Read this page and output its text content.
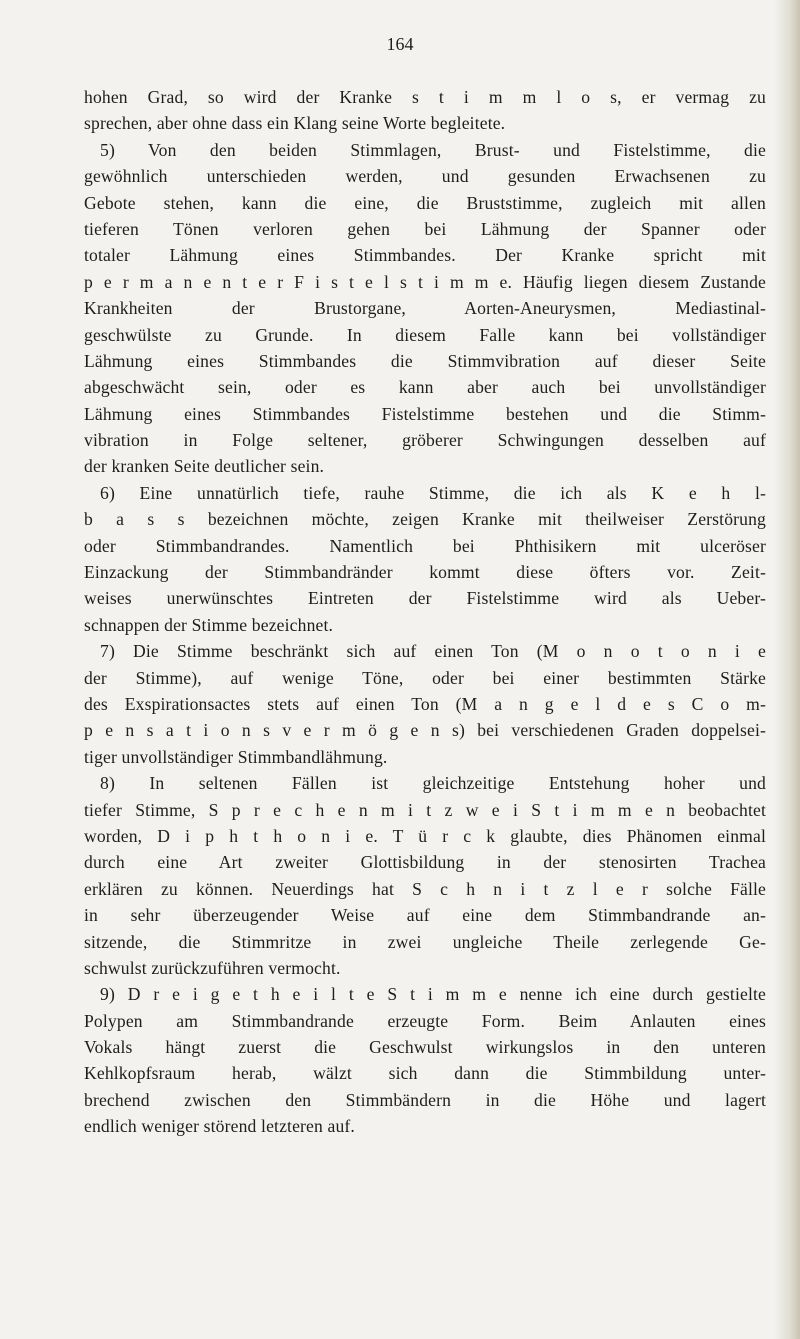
164
hohen Grad, so wird der Kranke s t i m m l o s, er vermag zu
sprechen, aber ohne dass ein Klang seine Worte begleitete.
5) Von den beiden Stimmlagen, Brust- und Fistelstimme, die
gewöhnlich unterschieden werden, und gesunden Erwachsenen zu
Gebote stehen, kann die eine, die Bruststimme, zugleich mit allen
tieferen Tönen verloren gehen bei Lähmung der Spanner oder
totaler Lähmung eines Stimmbandes. Der Kranke spricht mit
p e r m a n e n t e r F i s t e l s t i m m e. Häufig liegen diesem Zustande
Krankheiten der Brustorgane, Aorten-Aneurysmen, Mediastinal-
geschwülste zu Grunde. In diesem Falle kann bei vollständiger
Lähmung eines Stimmbandes die Stimmvibration auf dieser Seite
abgeschwächt sein, oder es kann aber auch bei unvollständiger
Lähmung eines Stimmbandes Fistelstimme bestehen und die Stimm-
vibration in Folge seltener, gröberer Schwingungen desselben auf
der kranken Seite deutlicher sein.
6) Eine unnatürlich tiefe, rauhe Stimme, die ich als K e h l-
b a s s bezeichnen möchte, zeigen Kranke mit theilweiser Zerstörung
oder Stimmbandrandes. Namentlich bei Phthisikern mit ulceröser
Einzackung der Stimmbandränder kommt diese öfters vor. Zeit-
weises unerwünschtes Eintreten der Fistelstimme wird als Ueber-
schnappen der Stimme bezeichnet.
7) Die Stimme beschränkt sich auf einen Ton (M o n o t o n i e
der Stimme), auf wenige Töne, oder bei einer bestimmten Stärke
des Exspirationsactes stets auf einen Ton (M a n g e l d e s C o m-
p e n s a t i o n s v e r m ö g e n s) bei verschiedenen Graden doppelsei-
tiger unvollständiger Stimmbandlähmung.
8) In seltenen Fällen ist gleichzeitige Entstehung hoher und
tiefer Stimme, S p r e c h e n m i t z w e i S t i m m e n beobachtet
worden, D i p h t h o n i e. T ü r c k glaubte, dies Phänomen einmal
durch eine Art zweiter Glottisbildung in der stenosirten Trachea
erklären zu können. Neuerdings hat S c h n i t z l e r solche Fälle
in sehr überzeugender Weise auf eine dem Stimmbandrande an-
sitzende, die Stimmritze in zwei ungleiche Theile zerlegende Ge-
schwulst zurückzuführen vermocht.
9) D r e i g e t h e i l t e S t i m m e nenne ich eine durch gestielte
Polypen am Stimmbandrande erzeugte Form. Beim Anlauten eines
Vokals hängt zuerst die Geschwulst wirkungslos in den unteren
Kehlkopfsraum herab, wälzt sich dann die Stimmbildung unter-
brechend zwischen den Stimmbändern in die Höhe und lagert
endlich weniger störend letzteren auf.
